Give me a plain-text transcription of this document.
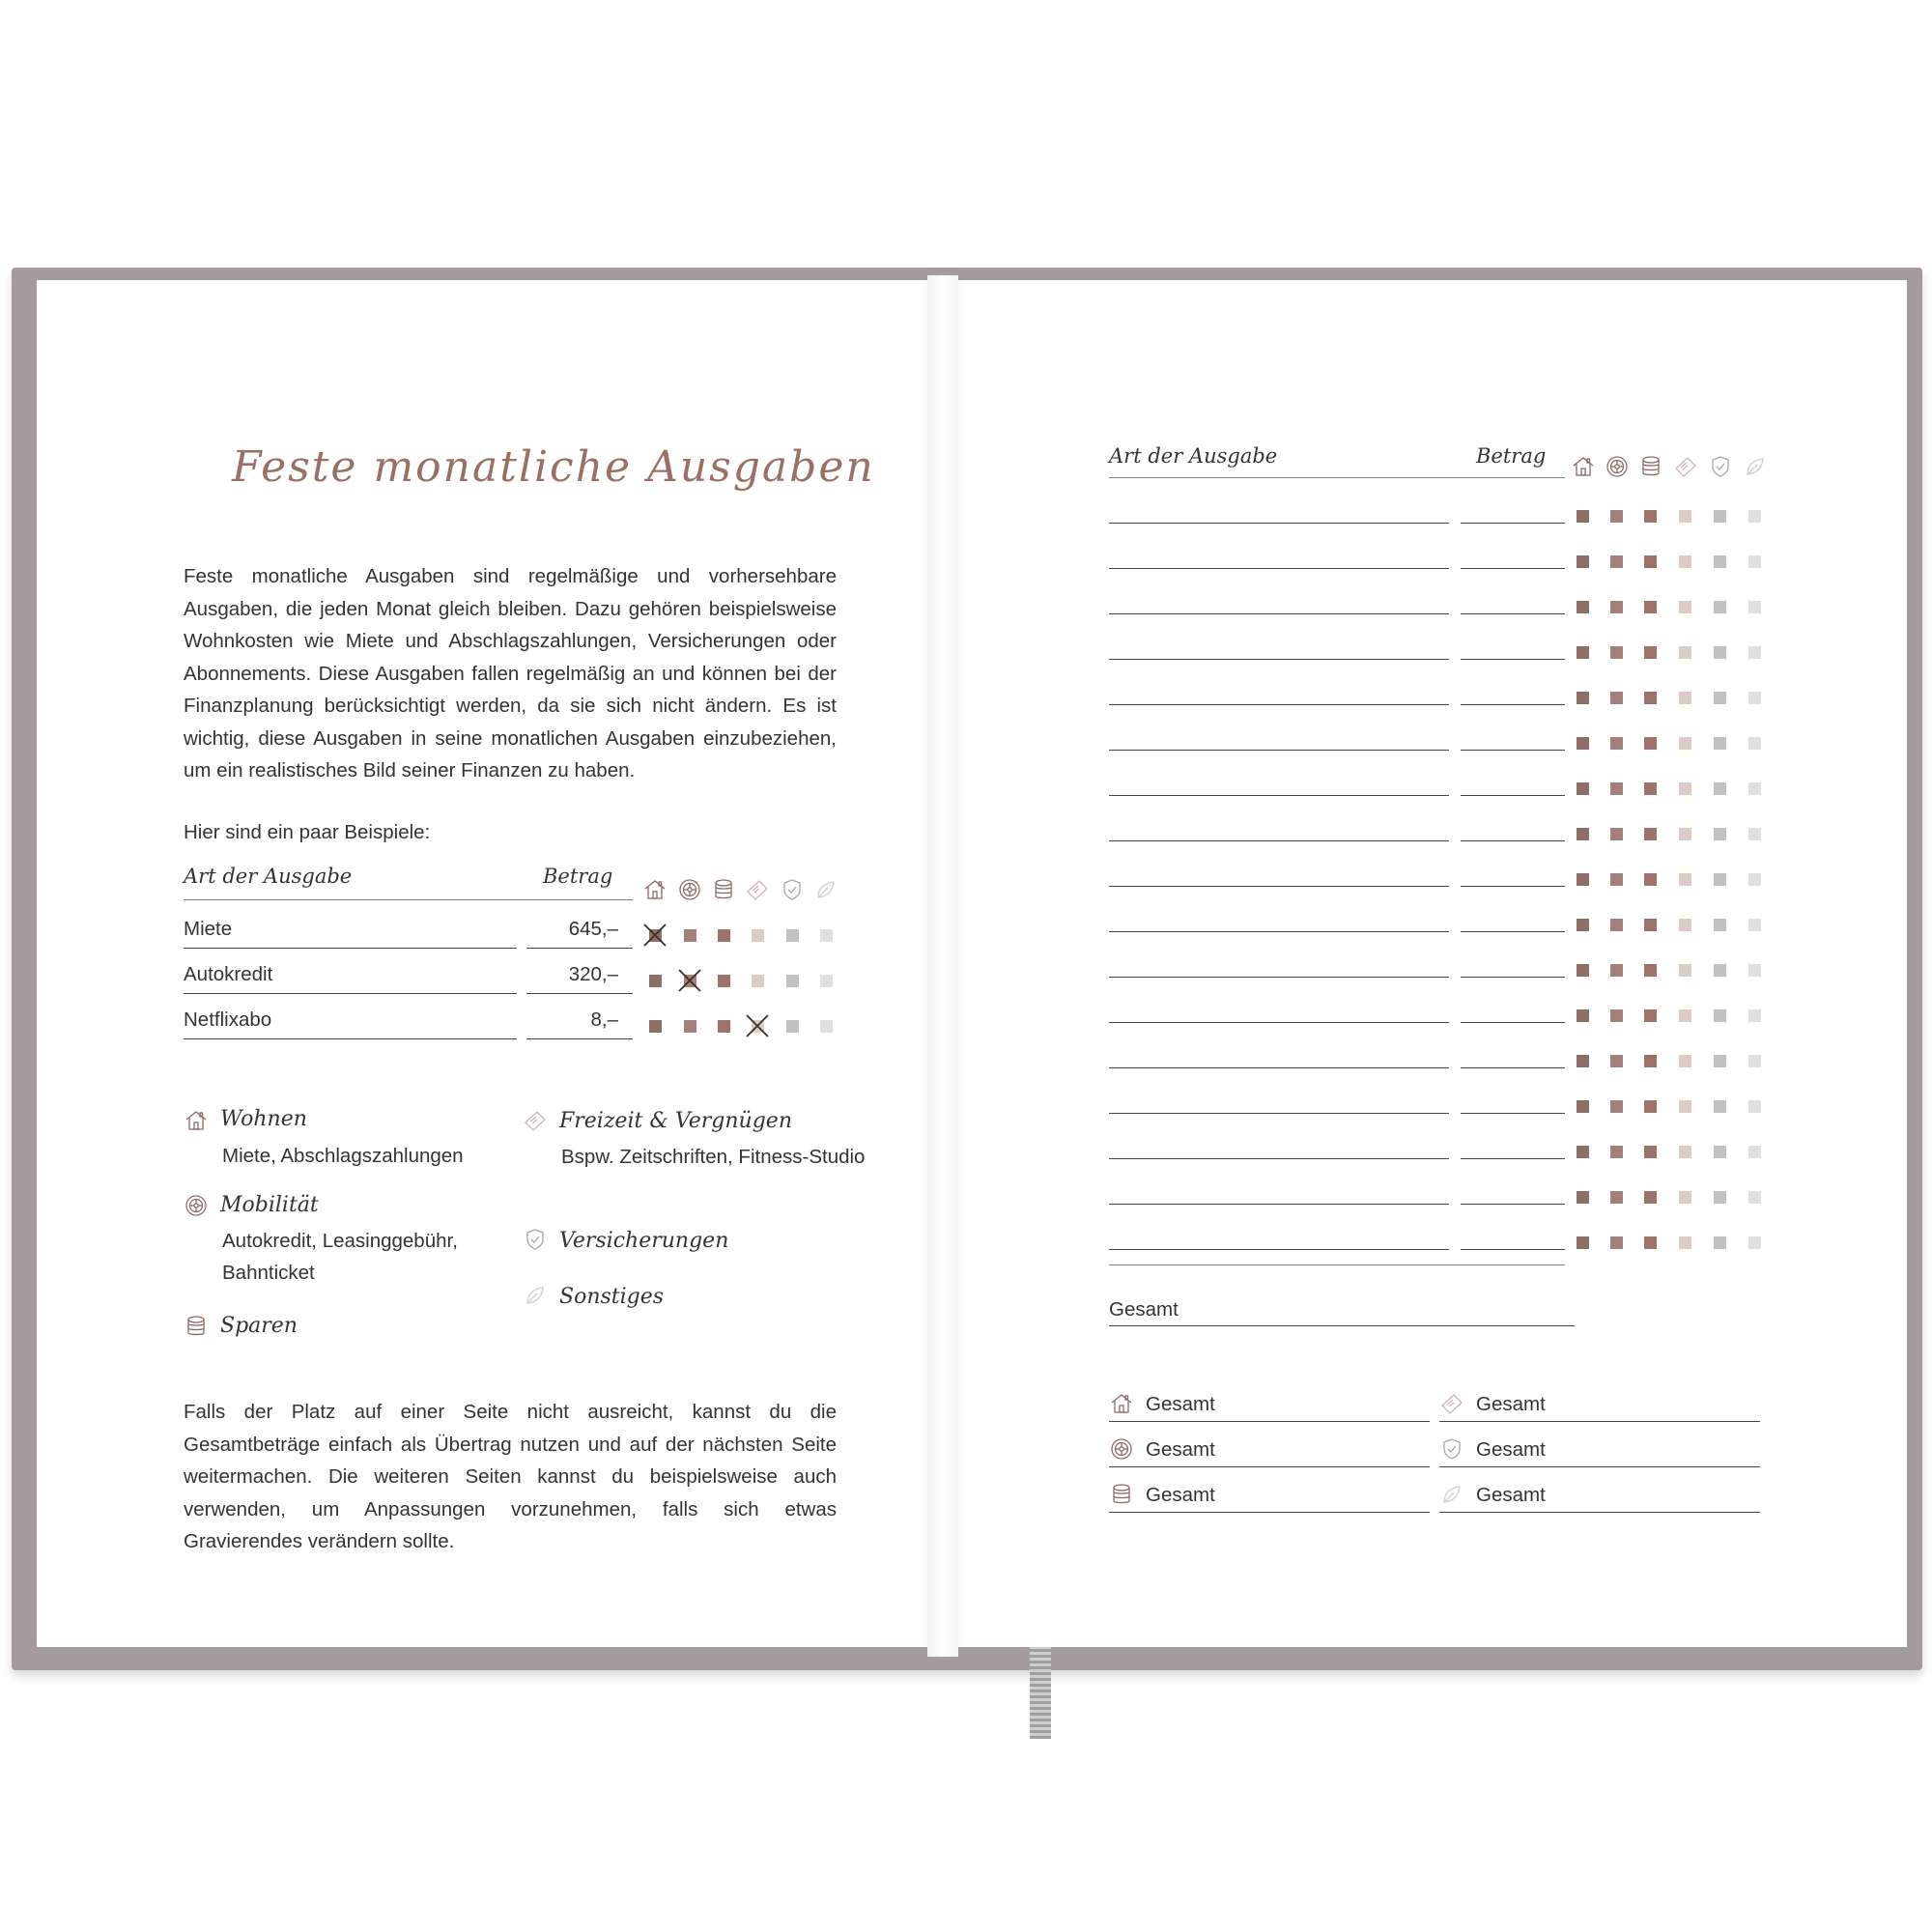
Feste monatliche Ausgaben
Feste monatliche Ausgaben sind regelmäßige und vorhersehbare Ausgaben, die jeden Monat gleich bleiben. Dazu gehören beispielsweise Wohnkosten wie Miete und Abschlagszahlungen, Versicherungen oder Abonnements. Diese Ausgaben fallen regelmäßig an und können bei der Finanzplanung berücksichtigt werden, da sie sich nicht ändern. Es ist wichtig, diese Ausgaben in seine monatlichen Ausgaben einzubeziehen, um ein realistisches Bild seiner Finanzen zu haben.
Hier sind ein paar Beispiele:
Art der Ausgabe	Betrag
Miete	645,–
Autokredit	320,–
Netflixabo	8,–
Wohnen
Miete, Abschlagszahlungen
Mobilität
Autokredit, Leasinggebühr, Bahnticket
Sparen
Freizeit & Vergnügen
Bspw. Zeitschriften, Fitness-Studio
Versicherungen
Sonstiges
Falls der Platz auf einer Seite nicht ausreicht, kannst du die Gesamtbeträge einfach als Übertrag nutzen und auf der nächsten Seite weitermachen. Die weiteren Seiten kannst du beispielsweise auch verwenden, um Anpassungen vorzunehmen, falls sich etwas Gravierendes verändern sollte.
Art der Ausgabe	Betrag
Gesamt
Gesamt
Gesamt
Gesamt
Gesamt
Gesamt
Gesamt
